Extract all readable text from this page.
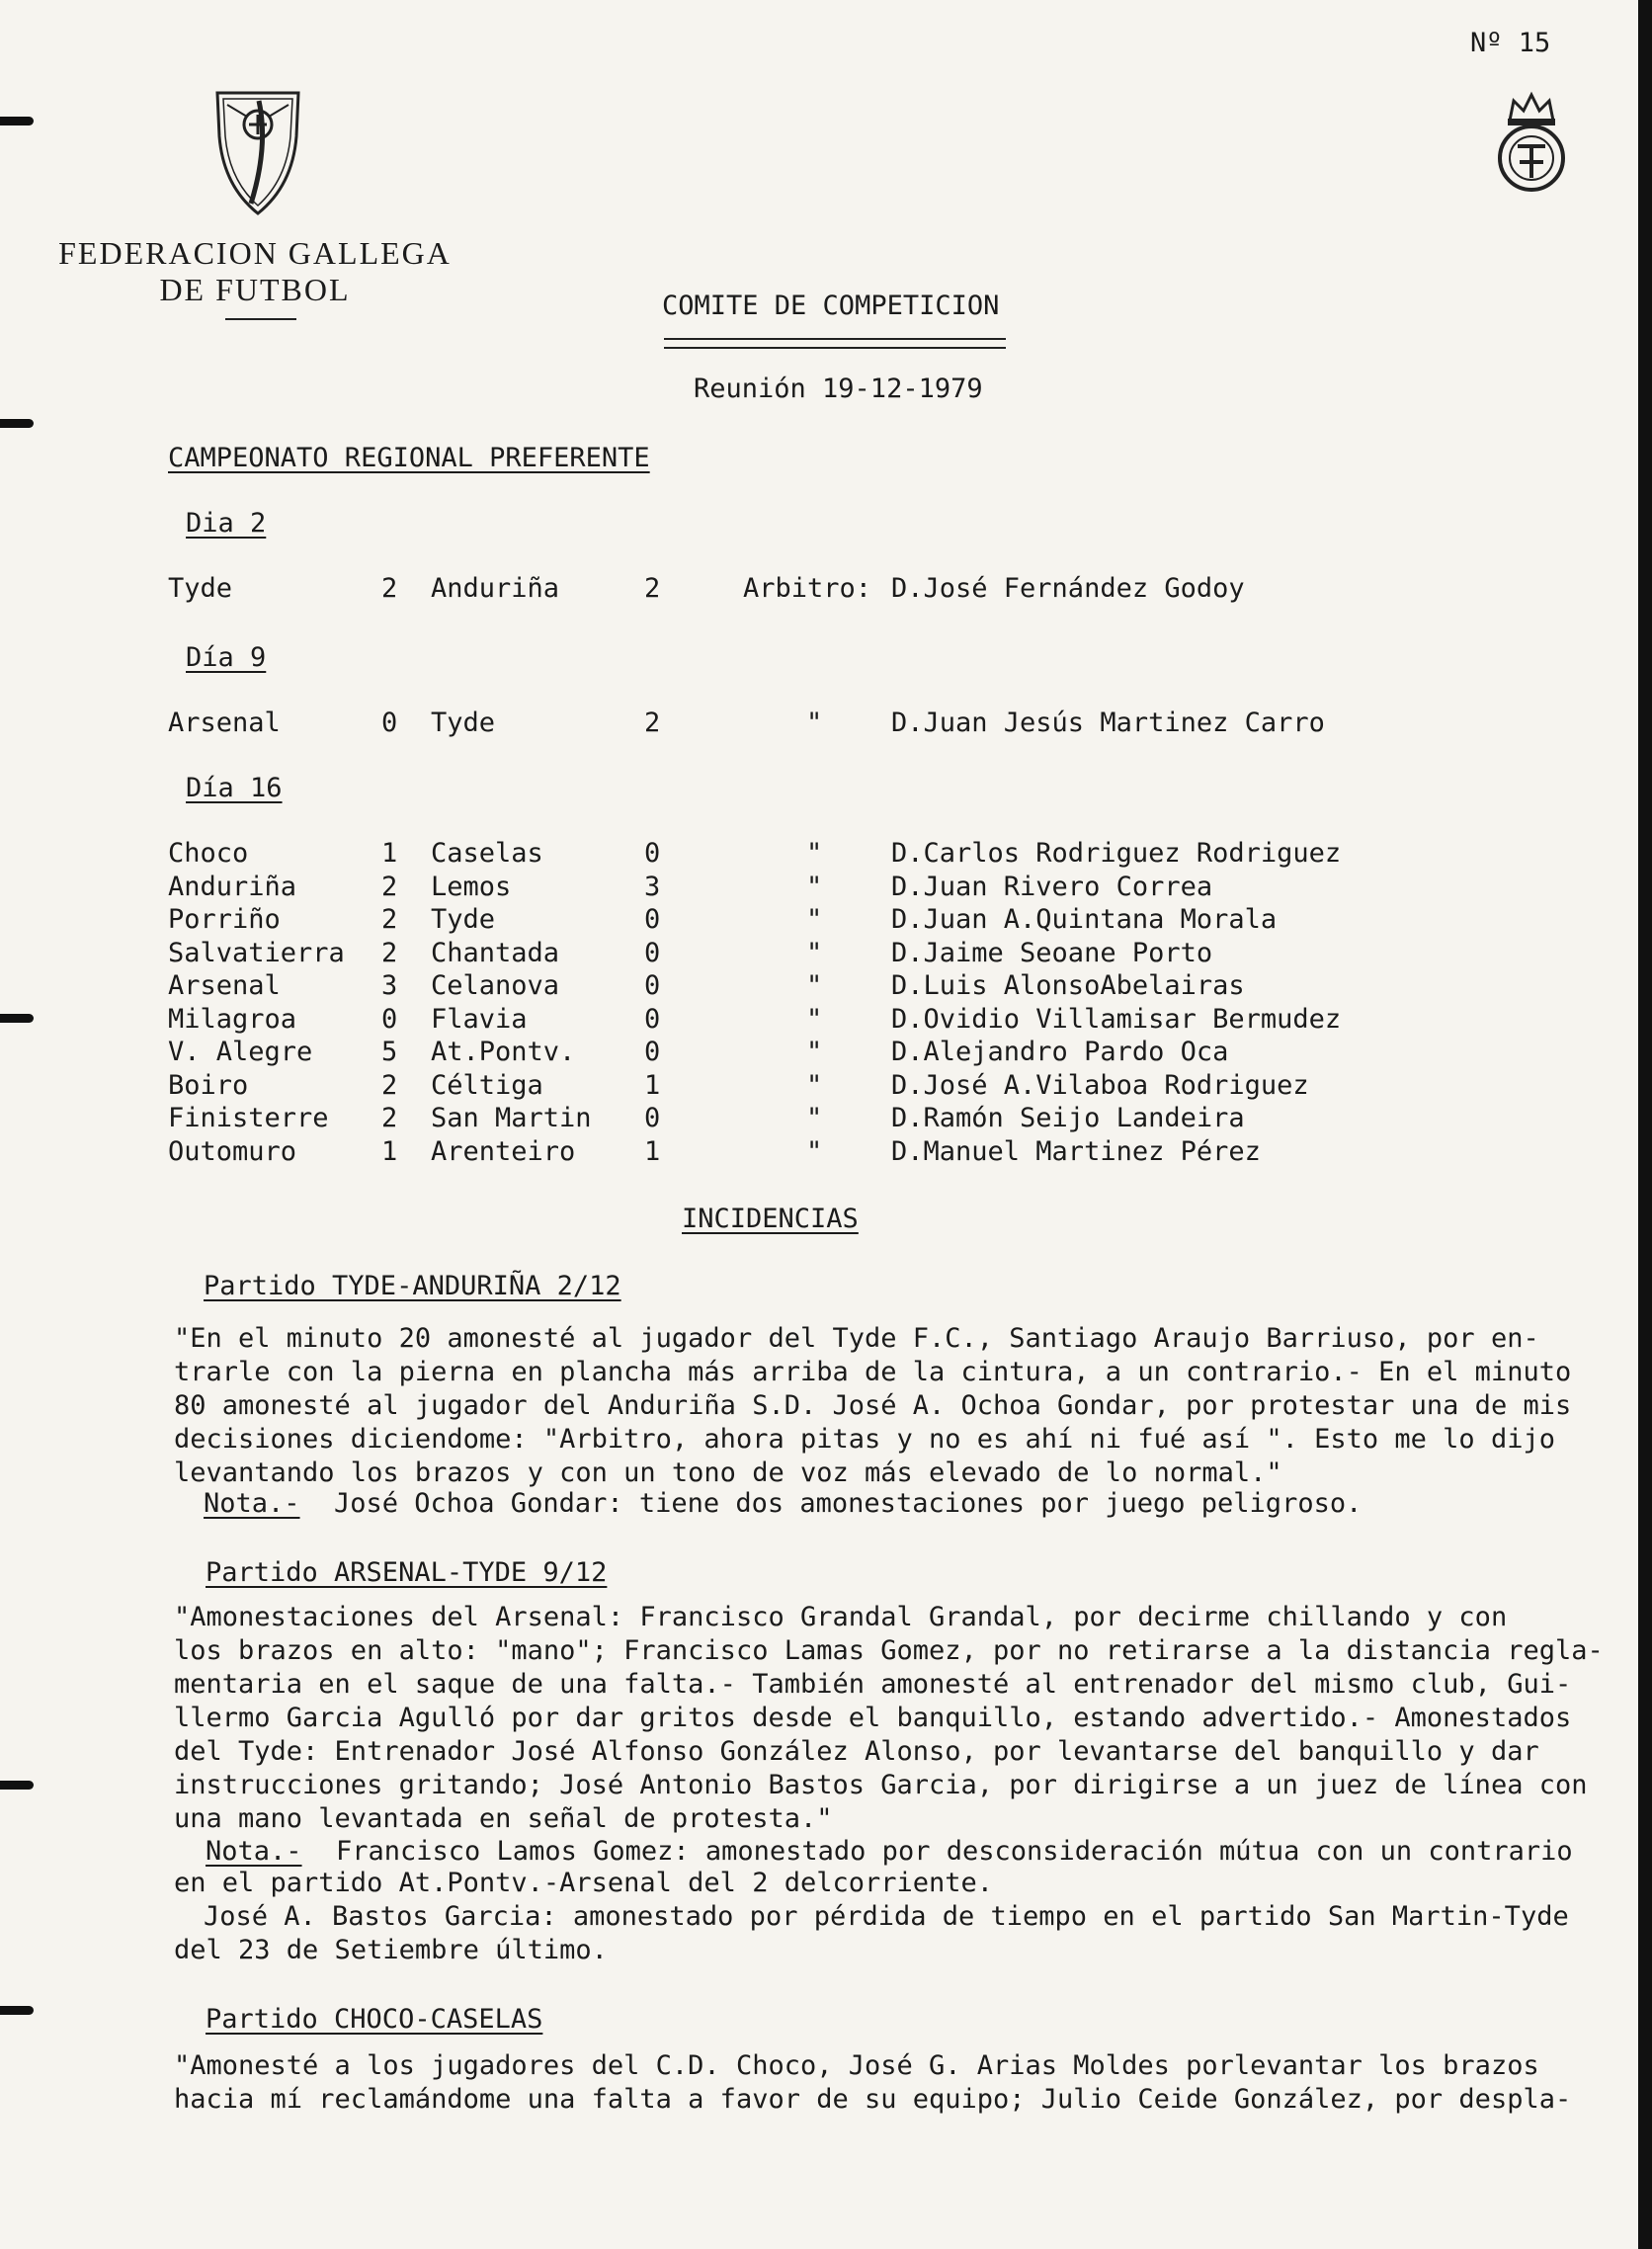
Nº 15
FEDERACION GALLEGA
DE FUTBOL	COMITE DE COMPETICION
Reunión 19-12-1979
CAMPEONATO REGIONAL PREFERENTE
Dia 2
Tyde	2 Anduriña	2	Arbitro: D.José Fernández Godoy
Día 9
Arsenal	0 Tyde	2	"	D.Juan Jesús Martinez Carro
Día 16
Choco	1 Caselas	0	"	D.Carlos Rodriguez Rodriguez
Anduriña	2 Lemos	3	"	D.Juan Rivero Correa
Porriño	2 Tyde	0	"	D.Juan A.Quintana Morala
Salvatierra 2 Chantada	0	"	D.Jaime Seoane Porto
Arsenal	3 Celanova	0	"	D.Luis AlonsoAbelairas
Milagroa	0 Flavia	0	"	D.Ovidio Villamisar Bermudez
V. Alegre	5 At.Pontv.	0	"	D.Alejandro Pardo Oca
Boiro	2 Céltiga	1	"	D.José A.Vilaboa Rodriguez
Finisterre 2 San Martin 0	"	D.Ramón Seijo Landeira
Outomuro	1 Arenteiro	1	"	D.Manuel Martinez Pérez
INCIDENCIAS
Partido TYDE-ANDURIÑA 2/12
"En el minuto 20 amonesté al jugador del Tyde F.C., Santiago Araujo Barriuso, por en-
trarle con la pierna en plancha más arriba de la cintura, a un contrario.- En el minuto
80 amonesté al jugador del Anduriña S.D. José A. Ochoa Gondar, por protestar una de mis
decisiones diciendome: "Arbitro, ahora pitas y no es ahí ni fué así ". Esto me lo dijo
levantando los brazos y con un tono de voz más elevado de lo normal."
Nota.- José Ochoa Gondar: tiene dos amonestaciones por juego peligroso.
Partido ARSENAL-TYDE 9/12
"Amonestaciones del Arsenal: Francisco Grandal Grandal, por decirme chillando y con
los brazos en alto: "mano"; Francisco Lamas Gomez, por no retirarse a la distancia regla-
mentaria en el saque de una falta.- También amonesté al entrenador del mismo club, Gui-
llermo Garcia Agulló por dar gritos desde el banquillo, estando advertido.- Amonestados
del Tyde: Entrenador José Alfonso González Alonso, por levantarse del banquillo y dar
instrucciones gritando; José Antonio Bastos Garcia, por dirigirse a un juez de línea con
una mano levantada en señal de protesta."
Nota.- Francisco Lamos Gomez: amonestado por desconsideración mútua con un contrario
en el partido At.Pontv.-Arsenal del 2 delcorriente.
José A. Bastos Garcia: amonestado por pérdida de tiempo en el partido San Martin-Tyde
del 23 de Setiembre último.
Partido CHOCO-CASELAS
"Amonesté a los jugadores del C.D. Choco, José G. Arias Moldes porlevantar los brazos
hacia mí reclamándome una falta a favor de su equipo; Julio Ceide González, por despla-
